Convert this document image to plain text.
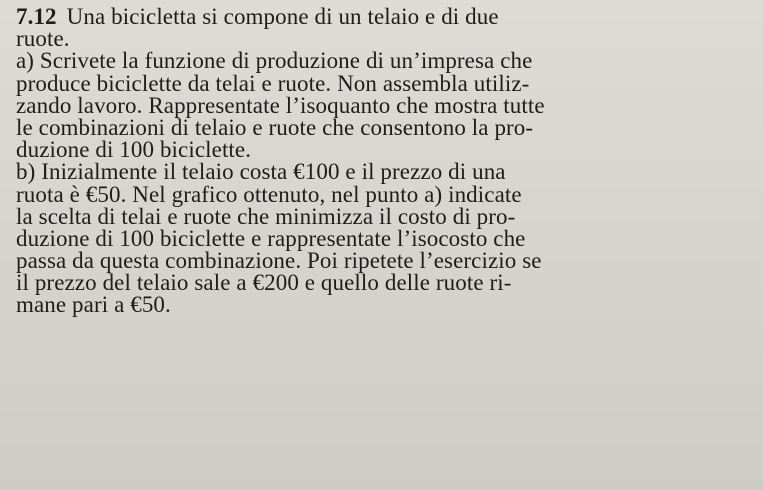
7.12 Una bicicletta si compone di un telaio e di due
ruote.
a) Scrivete la funzione di produzione di un’impresa che
produce biciclette da telai e ruote. Non assembla utiliz-
zando lavoro. Rappresentate l’isoquanto che mostra tutte
le combinazioni di telaio e ruote che consentono la pro-
duzione di 100 biciclette.
b) Inizialmente il telaio costa €100 e il prezzo di una
ruota è €50. Nel grafico ottenuto, nel punto a) indicate
la scelta di telai e ruote che minimizza il costo di pro-
duzione di 100 biciclette e rappresentate l’isocosto che
passa da questa combinazione. Poi ripetete l’esercizio se
il prezzo del telaio sale a €200 e quello delle ruote ri-
mane pari a €50.
